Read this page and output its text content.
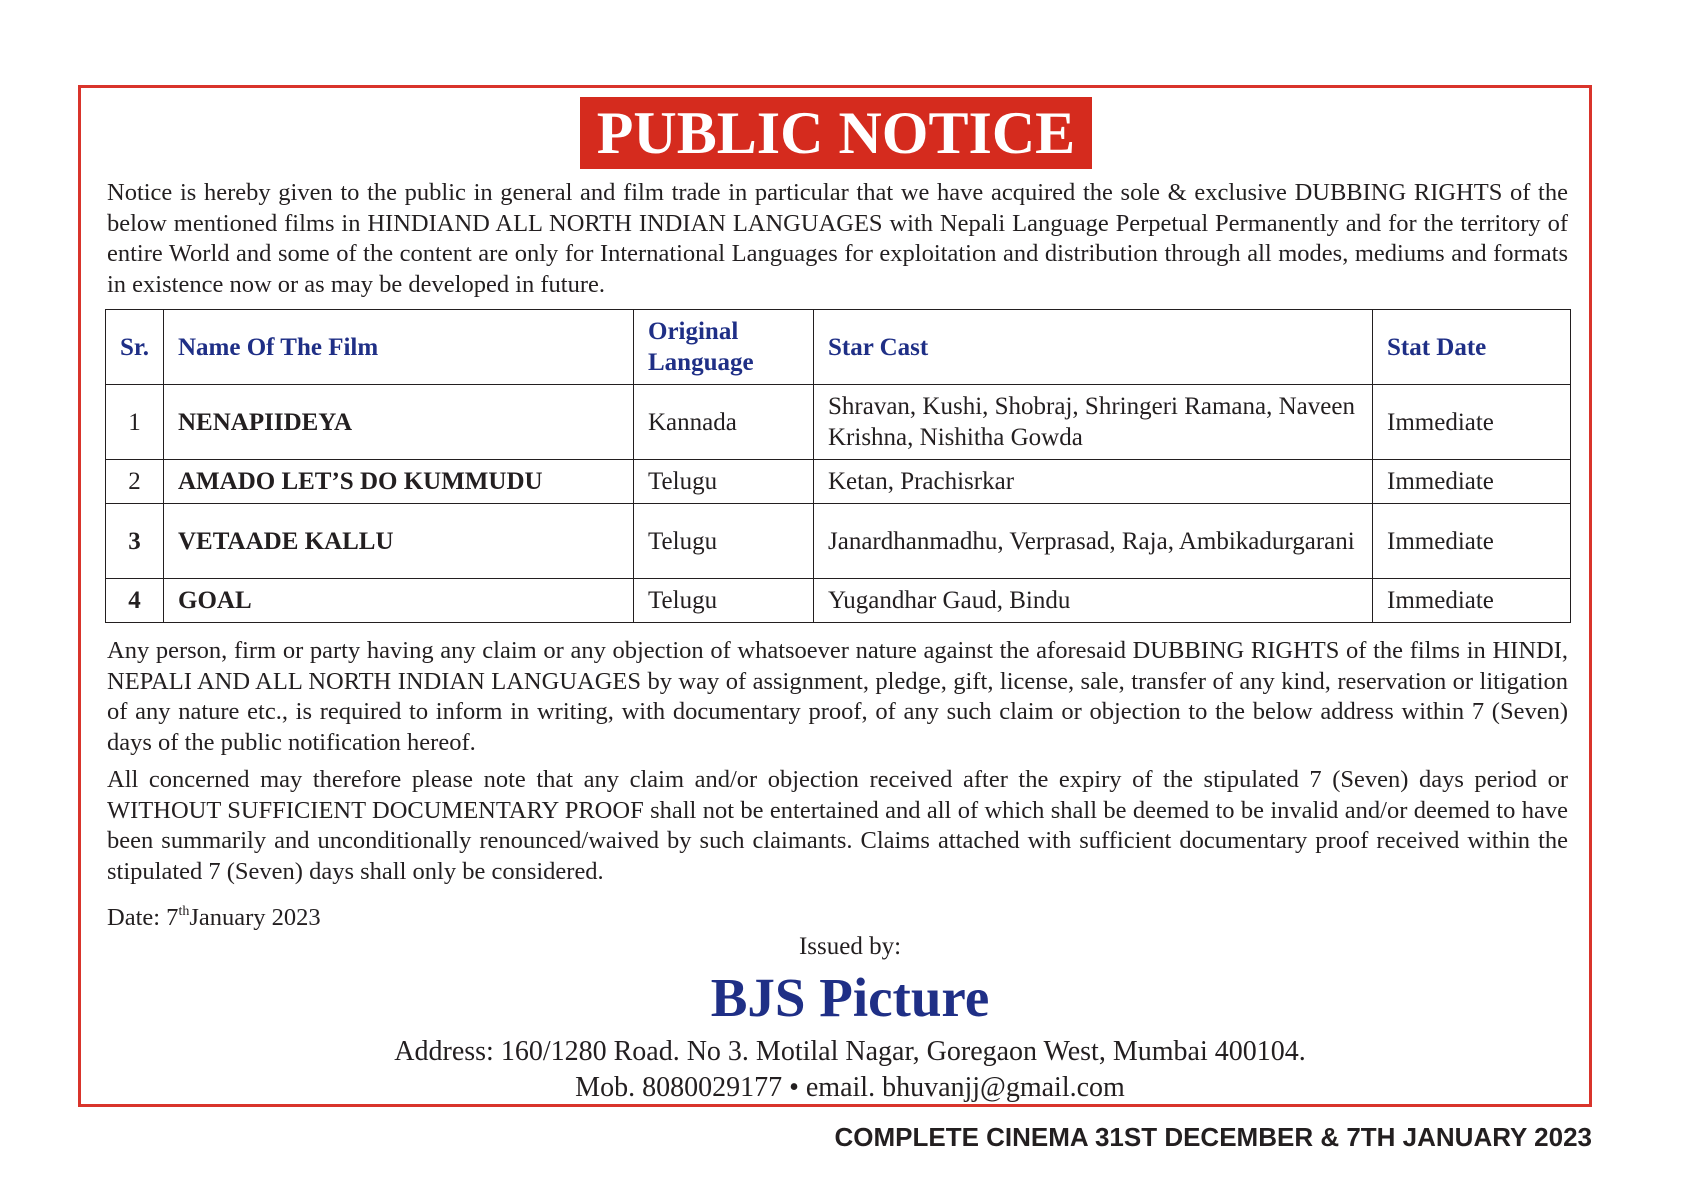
PUBLIC NOTICE

Notice is hereby given to the public in general and film trade in particular that we have acquired the sole & exclusive DUBBING RIGHTS of the below mentioned films in HINDIAND ALL NORTH INDIAN LANGUAGES with Nepali Language Perpetual Permanently and for the territory of entire World and some of the content are only for International Languages for exploitation and distribution through all modes, mediums and formats in existence now or as may be developed in future.

Sr.	Name Of The Film	Original Language	Star Cast	Stat Date
1	NENAPIIDEYA	Kannada	Shravan, Kushi, Shobraj, Shringeri Ramana, Naveen Krishna, Nishitha Gowda	Immediate
2	AMADO LET’S DO KUMMUDU	Telugu	Ketan, Prachisrkar	Immediate
3	VETAADE KALLU	Telugu	Janardhanmadhu, Verprasad, Raja, Ambikadurgarani	Immediate
4	GOAL	Telugu	Yugandhar Gaud, Bindu	Immediate

Any person, firm or party having any claim or any objection of whatsoever nature against the aforesaid DUBBING RIGHTS of the films in HINDI, NEPALI AND ALL NORTH INDIAN LANGUAGES by way of assignment, pledge, gift, license, sale, transfer of any kind, reservation or litigation of any nature etc., is required to inform in writing, with documentary proof, of any such claim or objection to the below address within 7 (Seven) days of the public notification hereof.

All concerned may therefore please note that any claim and/or objection received after the expiry of the stipulated 7 (Seven) days period or WITHOUT SUFFICIENT DOCUMENTARY PROOF shall not be entertained and all of which shall be deemed to be invalid and/or deemed to have been summarily and unconditionally renounced/waived by such claimants. Claims attached with sufficient documentary proof received within the stipulated 7 (Seven) days shall only be considered.

Date: 7thJanuary 2023
Issued by:
BJS Picture
Address: 160/1280 Road. No 3. Motilal Nagar, Goregaon West, Mumbai 400104.
Mob. 8080029177 • email. bhuvanjj@gmail.com
COMPLETE CINEMA 31ST DECEMBER & 7TH JANUARY 2023
